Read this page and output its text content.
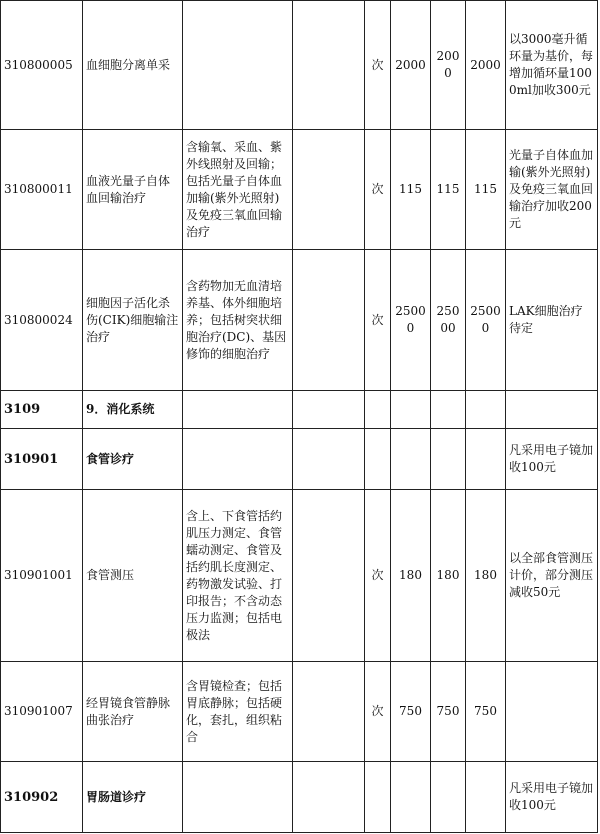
310800005	血细胞分离单采			次	2000	2000	2000	以3000毫升循环量为基价，每增加循环量1000ml加收300元
310800011	血液光量子自体血回输治疗	含输氧、采血、紫外线照射及回输；包括光量子自体血加输(紫外光照射)及免疫三氧血回输治疗		次	115	115	115	光量子自体血加输(紫外光照射)及免疫三氧血回输治疗加收200元
310800024	细胞因子活化杀伤(CIK)细胞输注治疗	含药物加无血清培养基、体外细胞培养；包括树突状细胞治疗(DC)、基因修饰的细胞治疗		次	25000	25000	25000	LAK细胞治疗待定
3109	9．消化系统							
310901	食管诊疗							凡采用电子镜加收100元
310901001	食管测压	含上、下食管括约肌压力测定、食管蠕动测定、食管及括约肌长度测定、药物激发试验、打印报告；不含动态压力监测；包括电极法		次	180	180	180	以全部食管测压计价，部分测压减收50元
310901007	经胃镜食管静脉曲张治疗	含胃镜检查；包括胃底静脉；包括硬化，套扎，组织粘合		次	750	750	750	
310902	胃肠道诊疗							凡采用电子镜加收100元
